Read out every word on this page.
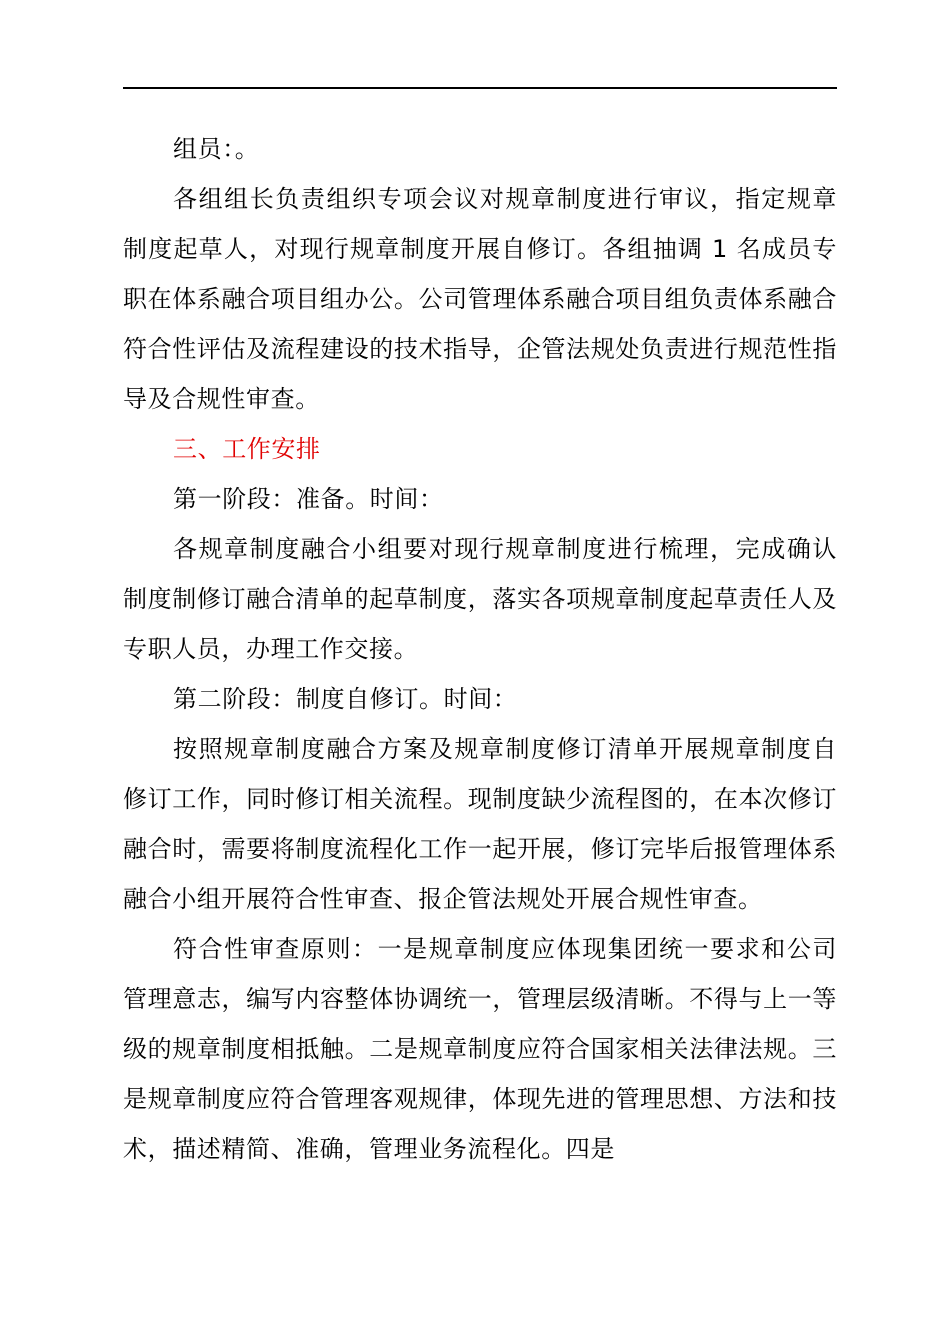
组员：。

各组组长负责组织专项会议对规章制度进行审议，指定规章制度起草人，对现行规章制度开展自修订。各组抽调 1 名成员专职在体系融合项目组办公。公司管理体系融合项目组负责体系融合符合性评估及流程建设的技术指导，企管法规处负责进行规范性指导及合规性审查。

三、工作安排

第一阶段：准备。时间：

各规章制度融合小组要对现行规章制度进行梳理，完成确认制度制修订融合清单的起草制度，落实各项规章制度起草责任人及专职人员，办理工作交接。

第二阶段：制度自修订。时间：

按照规章制度融合方案及规章制度修订清单开展规章制度自修订工作，同时修订相关流程。现制度缺少流程图的，在本次修订融合时，需要将制度流程化工作一起开展，修订完毕后报管理体系融合小组开展符合性审查、报企管法规处开展合规性审查。

符合性审查原则：一是规章制度应体现集团统一要求和公司管理意志，编写内容整体协调统一，管理层级清晰。不得与上一等级的规章制度相抵触。二是规章制度应符合国家相关法律法规。三是规章制度应符合管理客观规律，体现先进的管理思想、方法和技术，描述精简、准确，管理业务流程化。四是
